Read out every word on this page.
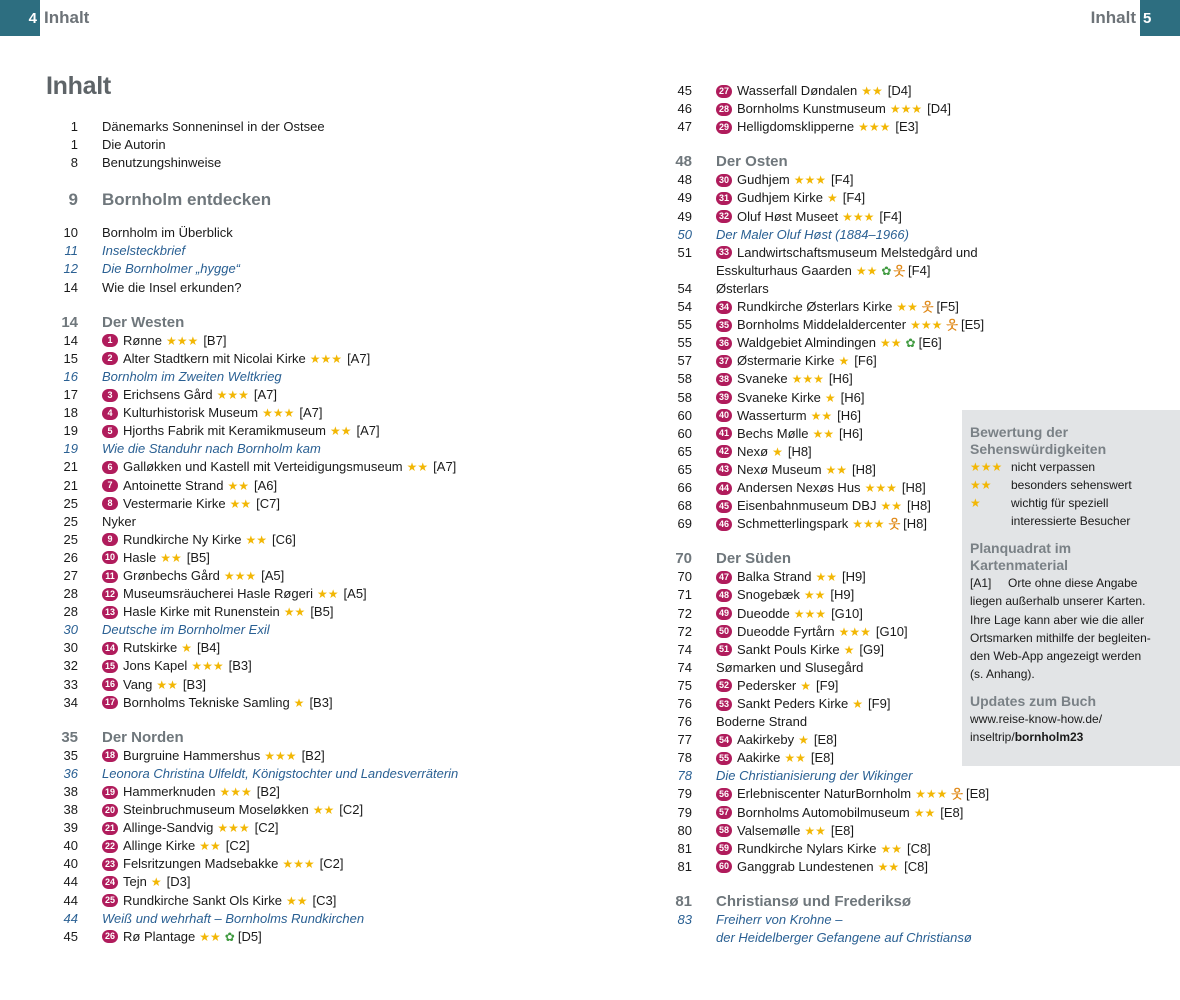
4 Inhalt	Inhalt 5
Inhalt
1	Dänemarks Sonneninsel in der Ostsee
1	Die Autorin
8	Benutzungshinweise
9	Bornholm entdecken
10	Bornholm im Überblick
11	Inselsteckbrief
12	Die Bornholmer „hygge“
14	Wie die Insel erkunden?
14	Der Westen
14	1 Rønne ★★★ [B7]
15	2 Alter Stadtkern mit Nicolai Kirke ★★★ [A7]
16	Bornholm im Zweiten Weltkrieg
17	3 Erichsens Gård ★★★ [A7]
18	4 Kulturhistorisk Museum ★★★ [A7]
19	5 Hjorths Fabrik mit Keramikmuseum ★★ [A7]
19	Wie die Standuhr nach Bornholm kam
21	6 Galløkken und Kastell mit Verteidigungsmuseum ★★ [A7]
21	7 Antoinette Strand ★★ [A6]
25	8 Vestermarie Kirke ★★ [C7]
25	Nyker
25	9 Rundkirche Ny Kirke ★★ [C6]
26	10 Hasle ★★ [B5]
27	11 Grønbechs Gård ★★★ [A5]
28	12 Museumsräucherei Hasle Røgeri ★★ [A5]
28	13 Hasle Kirke mit Runenstein ★★ [B5]
30	Deutsche im Bornholmer Exil
30	14 Rutskirke ★ [B4]
32	15 Jons Kapel ★★★ [B3]
33	16 Vang ★★ [B3]
34	17 Bornholms Tekniske Samling ★ [B3]
35	Der Norden
35	18 Burgruine Hammershus ★★★ [B2]
36	Leonora Christina Ulfeldt, Königstochter und Landesverräterin
38	19 Hammerknuden ★★★ [B2]
38	20 Steinbruchmuseum Moseløkken ★★ [C2]
39	21 Allinge-Sandvig ★★★ [C2]
40	22 Allinge Kirke ★★ [C2]
40	23 Felsritzungen Madsebakke ★★★ [C2]
44	24 Tejn ★ [D3]
44	25 Rundkirche Sankt Ols Kirke ★★ [C3]
44	Weiß und wehrhaft – Bornholms Rundkirchen
45	26 Rø Plantage ★★ ✿ [D5]
45	27 Wasserfall Døndalen ★★ [D4]
46	28 Bornholms Kunstmuseum ★★★ [D4]
47	29 Helligdomsklipperne ★★★ [E3]
48	Der Osten
48	30 Gudhjem ★★★ [F4]
49	31 Gudhjem Kirke ★ [F4]
49	32 Oluf Høst Museet ★★★ [F4]
50	Der Maler Oluf Høst (1884–1966)
51	33 Landwirtschaftsmuseum Melstedgård und
Esskulturhaus Gaarden ★★ ✿ 웃 [F4]
54	Østerlars
54	34 Rundkirche Østerlars Kirke ★★ 웃 [F5]
55	35 Bornholms Middelaldercenter ★★★ 웃 [E5]
55	36 Waldgebiet Almindingen ★★ ✿ [E6]
57	37 Østermarie Kirke ★ [F6]
58	38 Svaneke ★★★ [H6]
58	39 Svaneke Kirke ★ [H6]
60	40 Wasserturm ★★ [H6]
60	41 Bechs Mølle ★★ [H6]
65	42 Nexø ★ [H8]
65	43 Nexø Museum ★★ [H8]
66	44 Andersen Nexøs Hus ★★★ [H8]
68	45 Eisenbahnmuseum DBJ ★★ [H8]
69	46 Schmetterlingspark ★★★ 웃 [H8]
70	Der Süden
70	47 Balka Strand ★★ [H9]
71	48 Snogebæk ★★ [H9]
72	49 Dueodde ★★★ [G10]
72	50 Dueodde Fyrtårn ★★★ [G10]
74	51 Sankt Pouls Kirke ★ [G9]
74	Sømarken und Slusegård
75	52 Pedersker ★ [F9]
76	53 Sankt Peders Kirke ★ [F9]
76	Boderne Strand
77	54 Aakirkeby ★ [E8]
78	55 Aakirke ★★ [E8]
78	Die Christianisierung der Wikinger
79	56 Erlebniscenter NaturBornholm ★★★ 웃 [E8]
79	57 Bornholms Automobilmuseum ★★ [E8]
80	58 Valsemølle ★★ [E8]
81	59 Rundkirche Nylars Kirke ★★ [C8]
81	60 Ganggrab Lundestenen ★★ [C8]
81	Christiansø und Frederiksø
83	Freiherr von Krohne –
der Heidelberger Gefangene auf Christiansø
Bewertung der Sehenswürdigkeiten
★★★ nicht verpassen
★★	besonders sehenswert
★	wichtig für speziell
interessierte Besucher
Planquadrat im Kartenmaterial
[A1]     Orte ohne diese Angabe
liegen außerhalb unserer Karten.
Ihre Lage kann aber wie die aller
Ortsmarken mithilfe der begleiten-
den Web-App angezeigt werden
(s. Anhang).
Updates zum Buch
www.reise-know-how.de/
inseltrip/bornholm23
